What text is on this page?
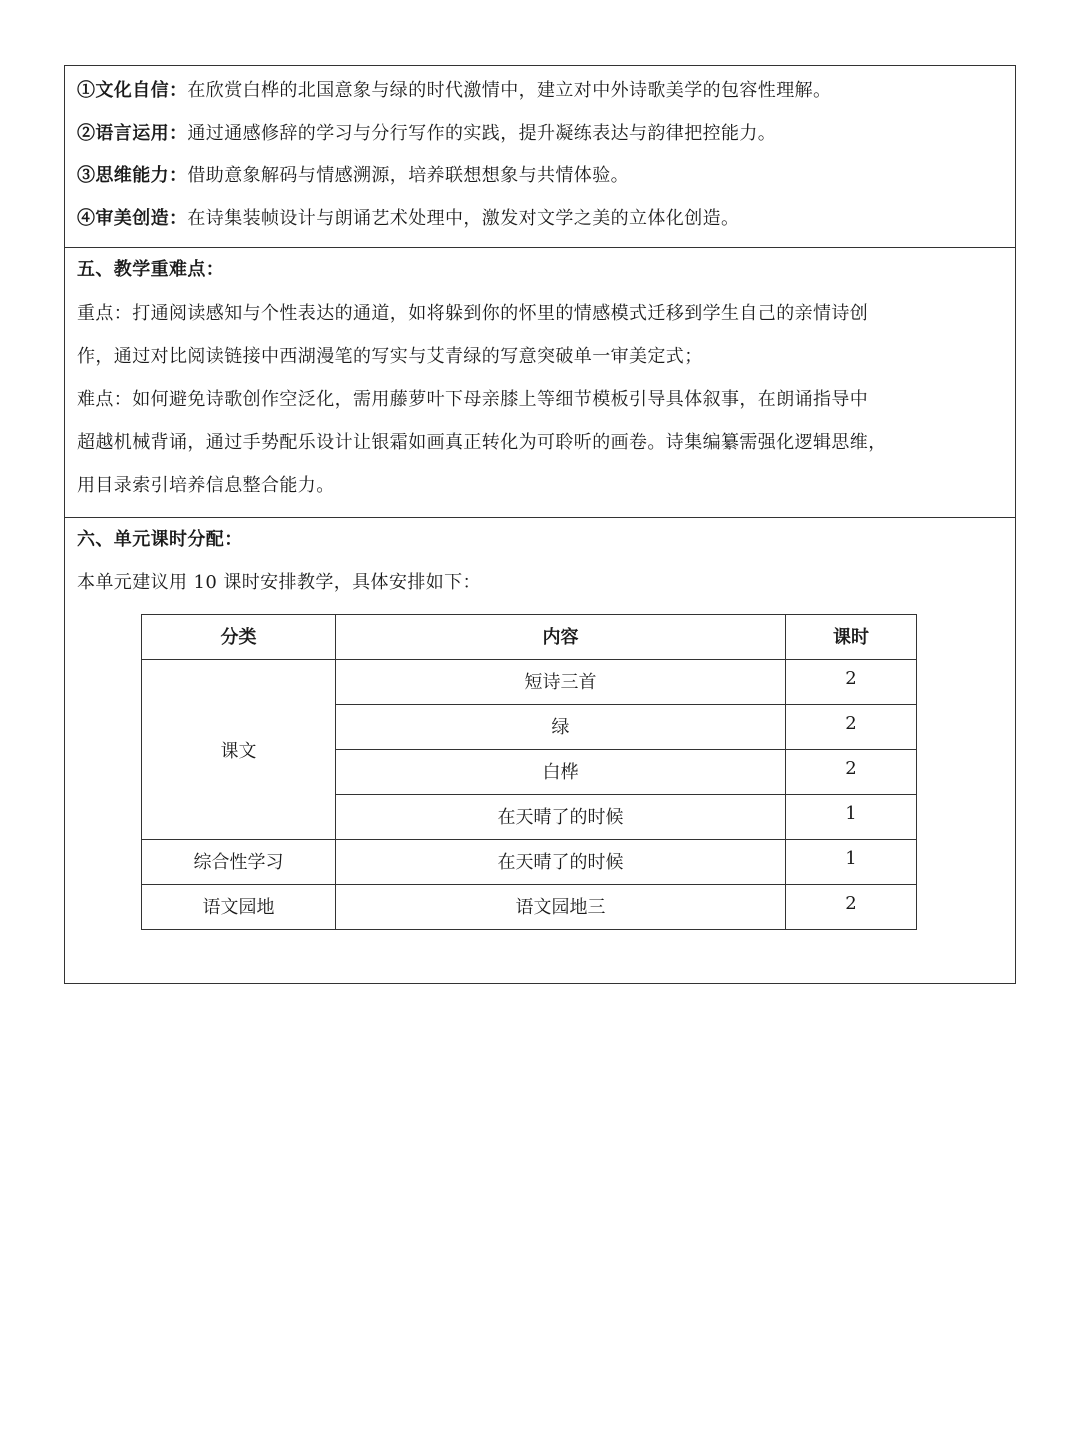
①文化自信：在欣赏白桦的北国意象与绿的时代激情中，建立对中外诗歌美学的包容性理解。
②语言运用：通过通感修辞的学习与分行写作的实践，提升凝练表达与韵律把控能力。
③思维能力：借助意象解码与情感溯源，培养联想想象与共情体验。
④审美创造：在诗集装帧设计与朗诵艺术处理中，激发对文学之美的立体化创造。
五、教学重难点：
重点：打通阅读感知与个性表达的通道，如将躲到你的怀里的情感模式迁移到学生自己的亲情诗创
作，通过对比阅读链接中西湖漫笔的写实与艾青绿的写意突破单一审美定式；
难点：如何避免诗歌创作空泛化，需用藤萝叶下母亲膝上等细节模板引导具体叙事，在朗诵指导中
超越机械背诵，通过手势配乐设计让银霜如画真正转化为可聆听的画卷。诗集编纂需强化逻辑思维，
用目录索引培养信息整合能力。
六、单元课时分配：
本单元建议用 10 课时安排教学，具体安排如下：
分类	内容	课时
课文	短诗三首	2
	绿	2
	白桦	2
	在天晴了的时候	1
综合性学习	在天晴了的时候	1
语文园地	语文园地三	2
